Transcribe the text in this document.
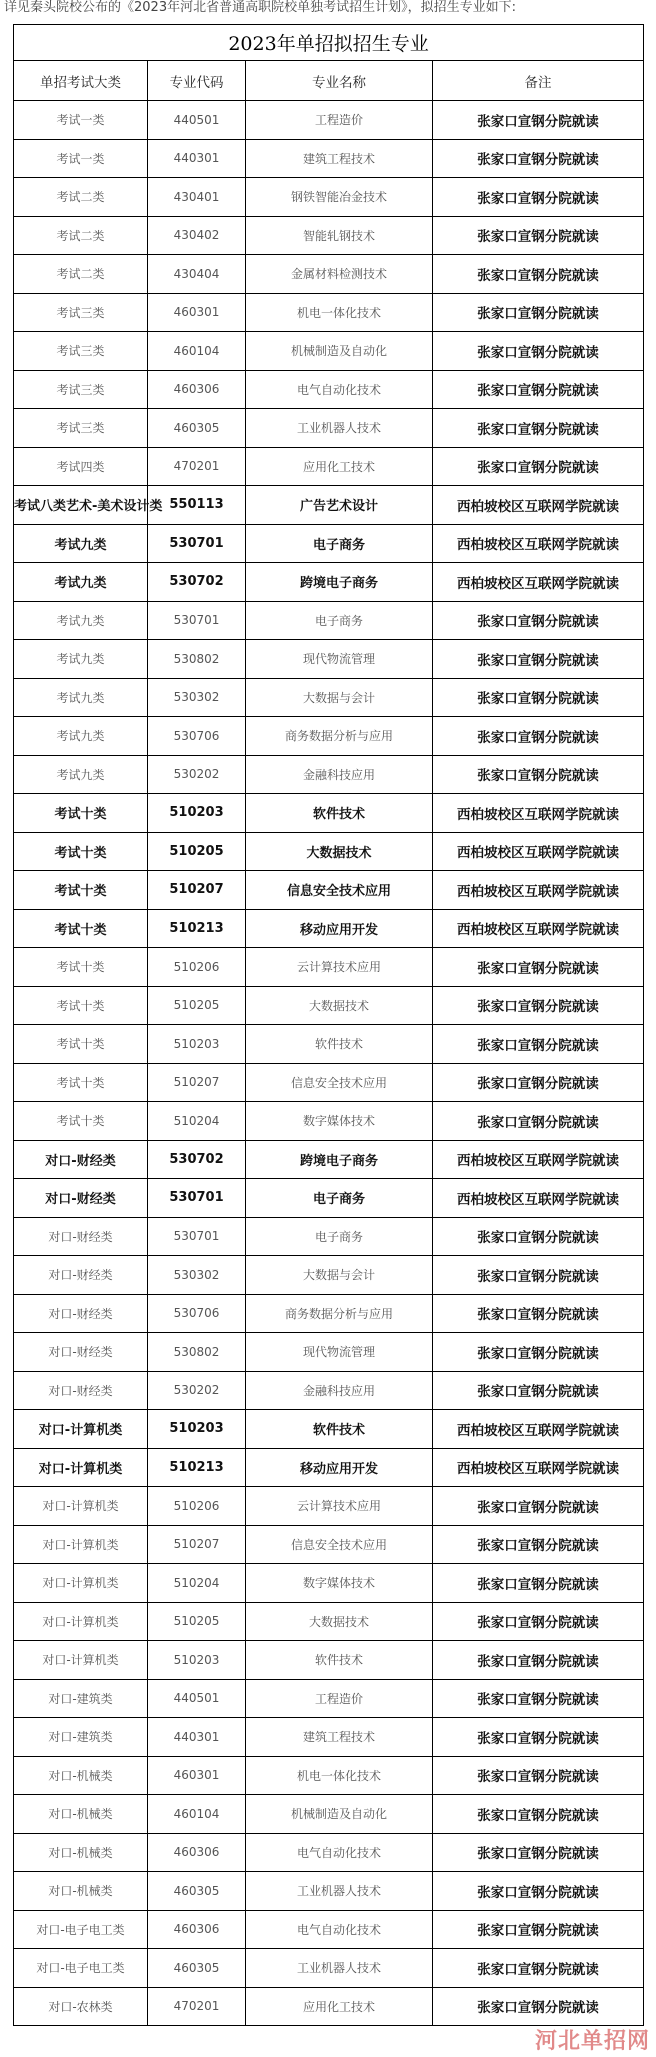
详见秦头院校公布的《2023年河北省普通高职院校单独考试招生计划》，拟招生专业如下:
2023年单招拟招生专业			
单招考试大类	专业代码	专业名称	备注
考试一类	440501	工程造价	张家口宣钢分院就读
考试一类	440301	建筑工程技术	张家口宣钢分院就读
考试二类	430401	钢铁智能冶金技术	张家口宣钢分院就读
考试二类	430402	智能轧钢技术	张家口宣钢分院就读
考试二类	430404	金属材料检测技术	张家口宣钢分院就读
考试三类	460301	机电一体化技术	张家口宣钢分院就读
考试三类	460104	机械制造及自动化	张家口宣钢分院就读
考试三类	460306	电气自动化技术	张家口宣钢分院就读
考试三类	460305	工业机器人技术	张家口宣钢分院就读
考试四类	470201	应用化工技术	张家口宣钢分院就读
考试八类艺术-美术设计类	550113	广告艺术设计	西柏坡校区互联网学院就读
考试九类	530701	电子商务	西柏坡校区互联网学院就读
考试九类	530702	跨境电子商务	西柏坡校区互联网学院就读
考试九类	530701	电子商务	张家口宣钢分院就读
考试九类	530802	现代物流管理	张家口宣钢分院就读
考试九类	530302	大数据与会计	张家口宣钢分院就读
考试九类	530706	商务数据分析与应用	张家口宣钢分院就读
考试九类	530202	金融科技应用	张家口宣钢分院就读
考试十类	510203	软件技术	西柏坡校区互联网学院就读
考试十类	510205	大数据技术	西柏坡校区互联网学院就读
考试十类	510207	信息安全技术应用	西柏坡校区互联网学院就读
考试十类	510213	移动应用开发	西柏坡校区互联网学院就读
考试十类	510206	云计算技术应用	张家口宣钢分院就读
考试十类	510205	大数据技术	张家口宣钢分院就读
考试十类	510203	软件技术	张家口宣钢分院就读
考试十类	510207	信息安全技术应用	张家口宣钢分院就读
考试十类	510204	数字媒体技术	张家口宣钢分院就读
对口-财经类	530702	跨境电子商务	西柏坡校区互联网学院就读
对口-财经类	530701	电子商务	西柏坡校区互联网学院就读
对口-财经类	530701	电子商务	张家口宣钢分院就读
对口-财经类	530302	大数据与会计	张家口宣钢分院就读
对口-财经类	530706	商务数据分析与应用	张家口宣钢分院就读
对口-财经类	530802	现代物流管理	张家口宣钢分院就读
对口-财经类	530202	金融科技应用	张家口宣钢分院就读
对口-计算机类	510203	软件技术	西柏坡校区互联网学院就读
对口-计算机类	510213	移动应用开发	西柏坡校区互联网学院就读
对口-计算机类	510206	云计算技术应用	张家口宣钢分院就读
对口-计算机类	510207	信息安全技术应用	张家口宣钢分院就读
对口-计算机类	510204	数字媒体技术	张家口宣钢分院就读
对口-计算机类	510205	大数据技术	张家口宣钢分院就读
对口-计算机类	510203	软件技术	张家口宣钢分院就读
对口-建筑类	440501	工程造价	张家口宣钢分院就读
对口-建筑类	440301	建筑工程技术	张家口宣钢分院就读
对口-机械类	460301	机电一体化技术	张家口宣钢分院就读
对口-机械类	460104	机械制造及自动化	张家口宣钢分院就读
对口-机械类	460306	电气自动化技术	张家口宣钢分院就读
对口-机械类	460305	工业机器人技术	张家口宣钢分院就读
对口-电子电工类	460306	电气自动化技术	张家口宣钢分院就读
对口-电子电工类	460305	工业机器人技术	张家口宣钢分院就读
对口-农林类	470201	应用化工技术	张家口宣钢分院就读
河北单招网
